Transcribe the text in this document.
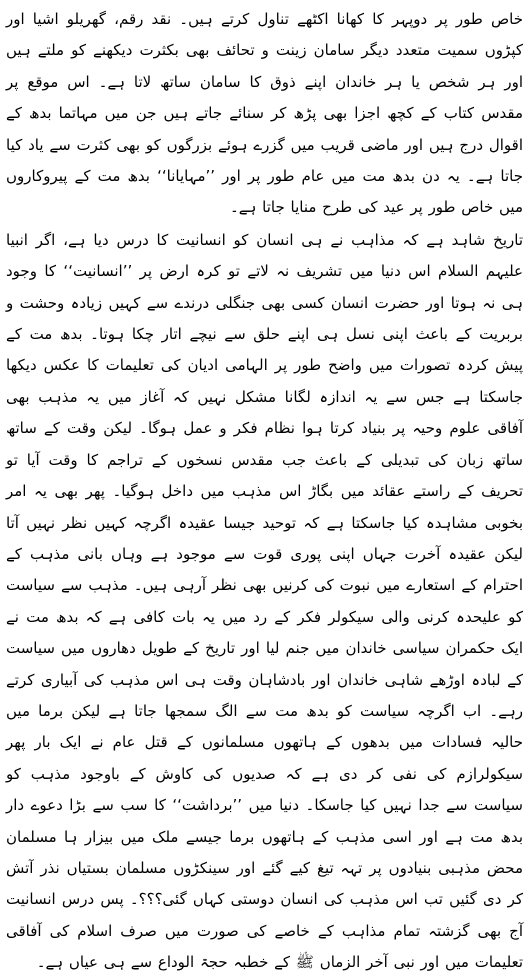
خاص طور پر دوپہر کا کھانا اکٹھے تناول کرتے ہیں۔ نقد رقم، گھریلو اشیا اور کپڑوں سمیت متعدد دیگر سامان زینت و تحائف بھی بکثرت دیکھنے کو ملتے ہیں اور ہر شخص یا ہر خاندان اپنے ذوق کا سامان ساتھ لاتا ہے۔ اس موقع پر مقدس کتاب کے کچھ اجزا بھی پڑھ کر سنائے جاتے ہیں جن میں مہاتما بدھ کے اقوال درج ہیں اور ماضی قریب میں گزرے ہوئے بزرگوں کو بھی کثرت سے یاد کیا جاتا ہے۔ یہ دن بدھ مت میں عام طور پر اور ’’مہایانا‘‘ بدھ مت کے پیروکاروں میں خاص طور پر عید کی طرح منایا جاتا ہے۔

تاریخ شاہد ہے کہ مذاہب نے ہی انسان کو انسانیت کا درس دیا ہے، اگر انبیا علیہم السلام اس دنیا میں تشریف نہ لاتے تو کرہ ارض پر ’’انسانیت‘‘ کا وجود ہی نہ ہوتا اور حضرت انسان کسی بھی جنگلی درندے سے کہیں زیادہ وحشت و بربریت کے باعث اپنی نسل ہی اپنے حلق سے نیچے اتار چکا ہوتا۔ بدھ مت کے پیش کردہ تصورات میں واضح طور پر الہامی ادیان کی تعلیمات کا عکس دیکھا جاسکتا ہے جس سے یہ اندازہ لگانا مشکل نہیں کہ آغاز میں یہ مذہب بھی آفاقی علوم وحیہ پر بنیاد کرتا ہوا نظام فکر و عمل ہوگا۔ لیکن وقت کے ساتھ ساتھ زبان کی تبدیلی کے باعث جب مقدس نسخوں کے تراجم کا وقت آیا تو تحریف کے راستے عقائد میں بگاڑ اس مذہب میں داخل ہوگیا۔ پھر بھی یہ امر بخوبی مشاہدہ کیا جاسکتا ہے کہ توحید جیسا عقیدہ اگرچہ کہیں نظر نہیں آتا لیکن عقیدہ آخرت جہاں اپنی پوری قوت سے موجود ہے وہاں بانی مذہب کے احترام کے استعارے میں نبوت کی کرنیں بھی نظر آرہی ہیں۔ مذہب سے سیاست کو علیحدہ کرنی والی سیکولر فکر کے رد میں یہ بات کافی ہے کہ بدھ مت نے ایک حکمران سیاسی خاندان میں جنم لیا اور تاریخ کے طویل دھاروں میں سیاست کے لبادہ اوڑھے شاہی خاندان اور بادشاہان وقت ہی اس مذہب کی آبیاری کرتے رہے۔ اب اگرچہ سیاست کو بدھ مت سے الگ سمجھا جاتا ہے لیکن برما میں حالیہ فسادات میں بدھوں کے ہاتھوں مسلمانوں کے قتل عام نے ایک بار پھر سیکولرازم کی نفی کر دی ہے کہ صدیوں کی کاوش کے باوجود مذہب کو سیاست سے جدا نہیں کیا جاسکا۔ دنیا میں ’’برداشت‘‘ کا سب سے بڑا دعوے دار بدھ مت ہے اور اسی مذہب کے ہاتھوں برما جیسے ملک میں بیزار ہا مسلمان محض مذہبی بنیادوں پر تہہ تیغ کیے گئے اور سینکڑوں مسلمان بستیاں نذر آتش کر دی گئیں تب اس مذہب کی انسان دوستی کہاں گئی؟؟؟۔ پس درس انسانیت آج بھی گزشتہ تمام مذاہب کے خاصے کی صورت میں صرف اسلام کی آفاقی تعلیمات میں اور نبی آخر الزماں ﷺ کے خطبہ حجۃ الوداع سے ہی عیاں ہے۔
